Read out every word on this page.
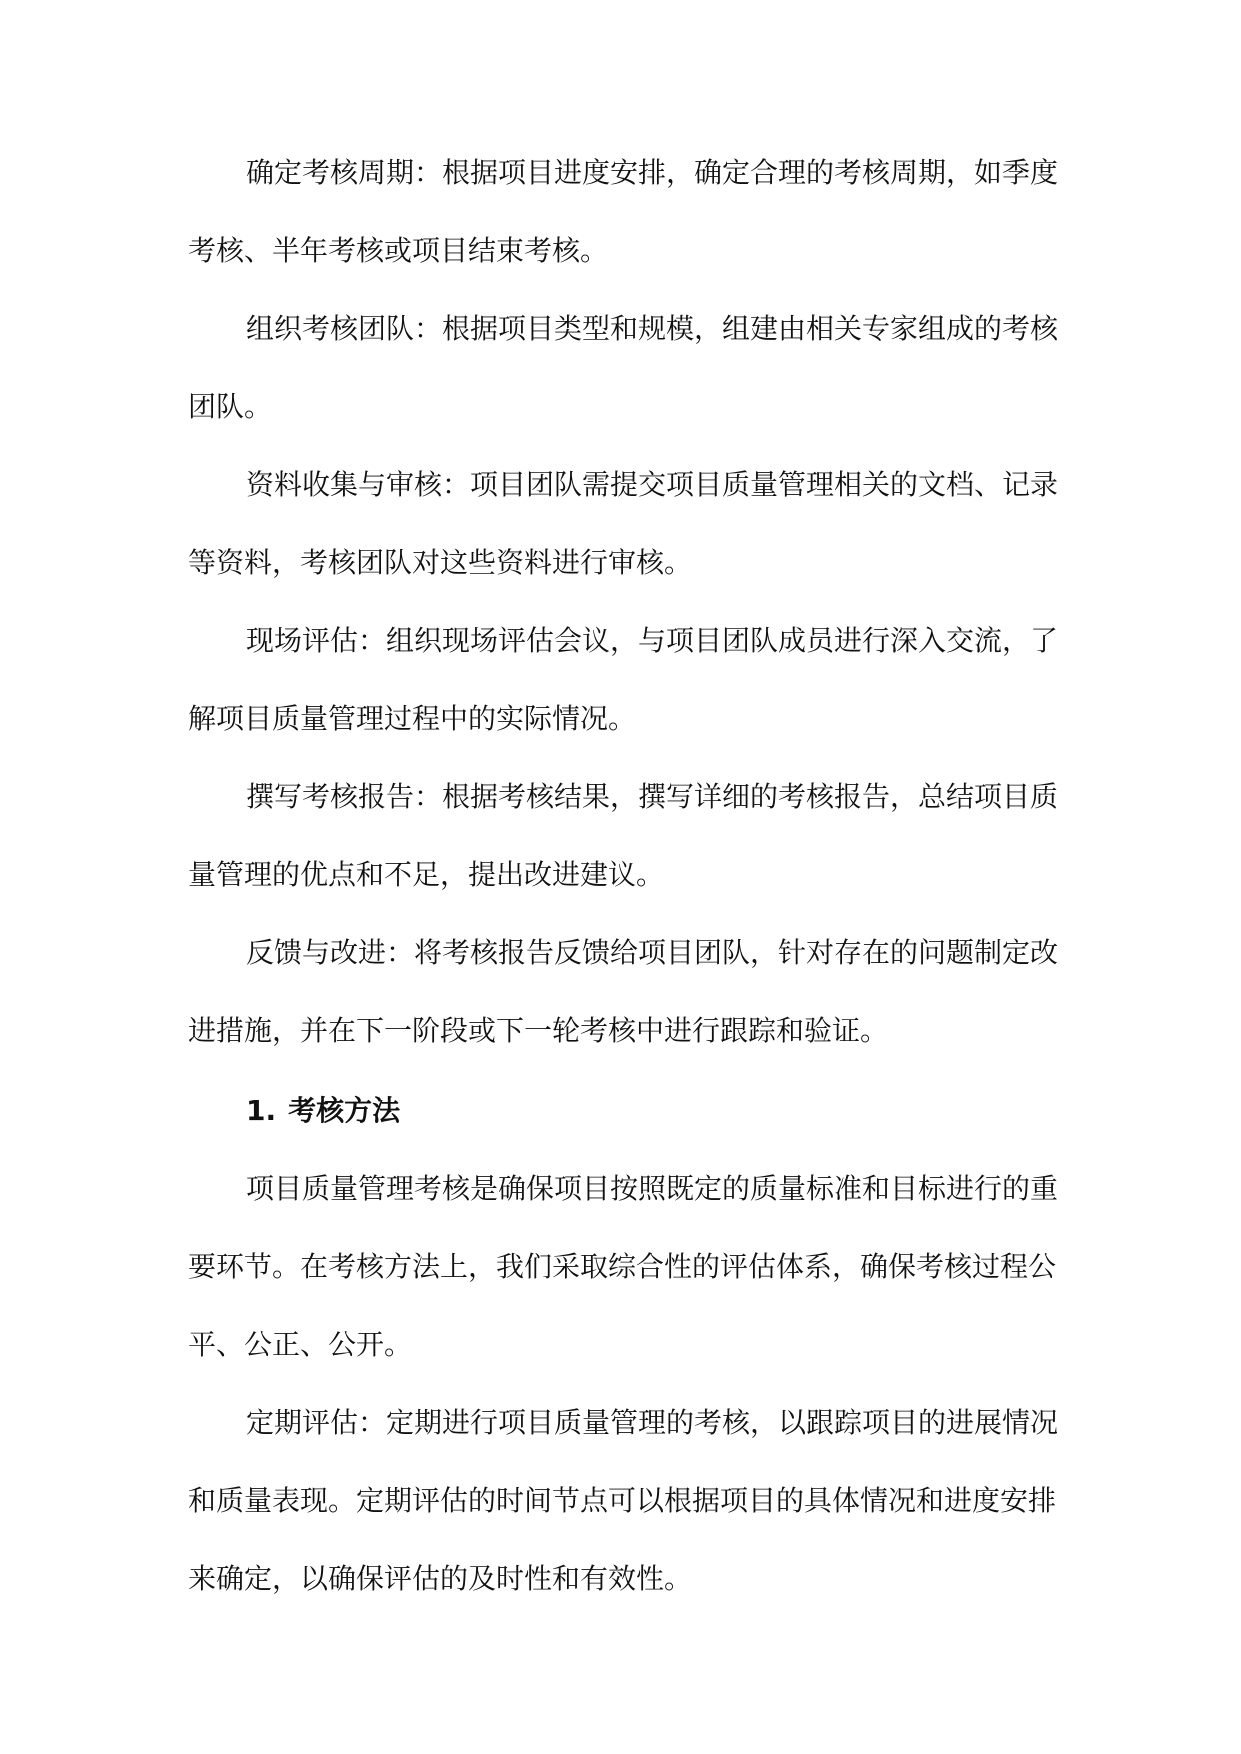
确定考核周期：根据项目进度安排，确定合理的考核周期，如季度考核、半年考核或项目结束考核。

组织考核团队：根据项目类型和规模，组建由相关专家组成的考核团队。

资料收集与审核：项目团队需提交项目质量管理相关的文档、记录等资料，考核团队对这些资料进行审核。

现场评估：组织现场评估会议，与项目团队成员进行深入交流，了解项目质量管理过程中的实际情况。

撰写考核报告：根据考核结果，撰写详细的考核报告，总结项目质量管理的优点和不足，提出改进建议。

反馈与改进：将考核报告反馈给项目团队，针对存在的问题制定改进措施，并在下一阶段或下一轮考核中进行跟踪和验证。

1. 考核方法

项目质量管理考核是确保项目按照既定的质量标准和目标进行的重要环节。在考核方法上，我们采取综合性的评估体系，确保考核过程公平、公正、公开。

定期评估：定期进行项目质量管理的考核，以跟踪项目的进展情况和质量表现。定期评估的时间节点可以根据项目的具体情况和进度安排来确定，以确保评估的及时性和有效性。
